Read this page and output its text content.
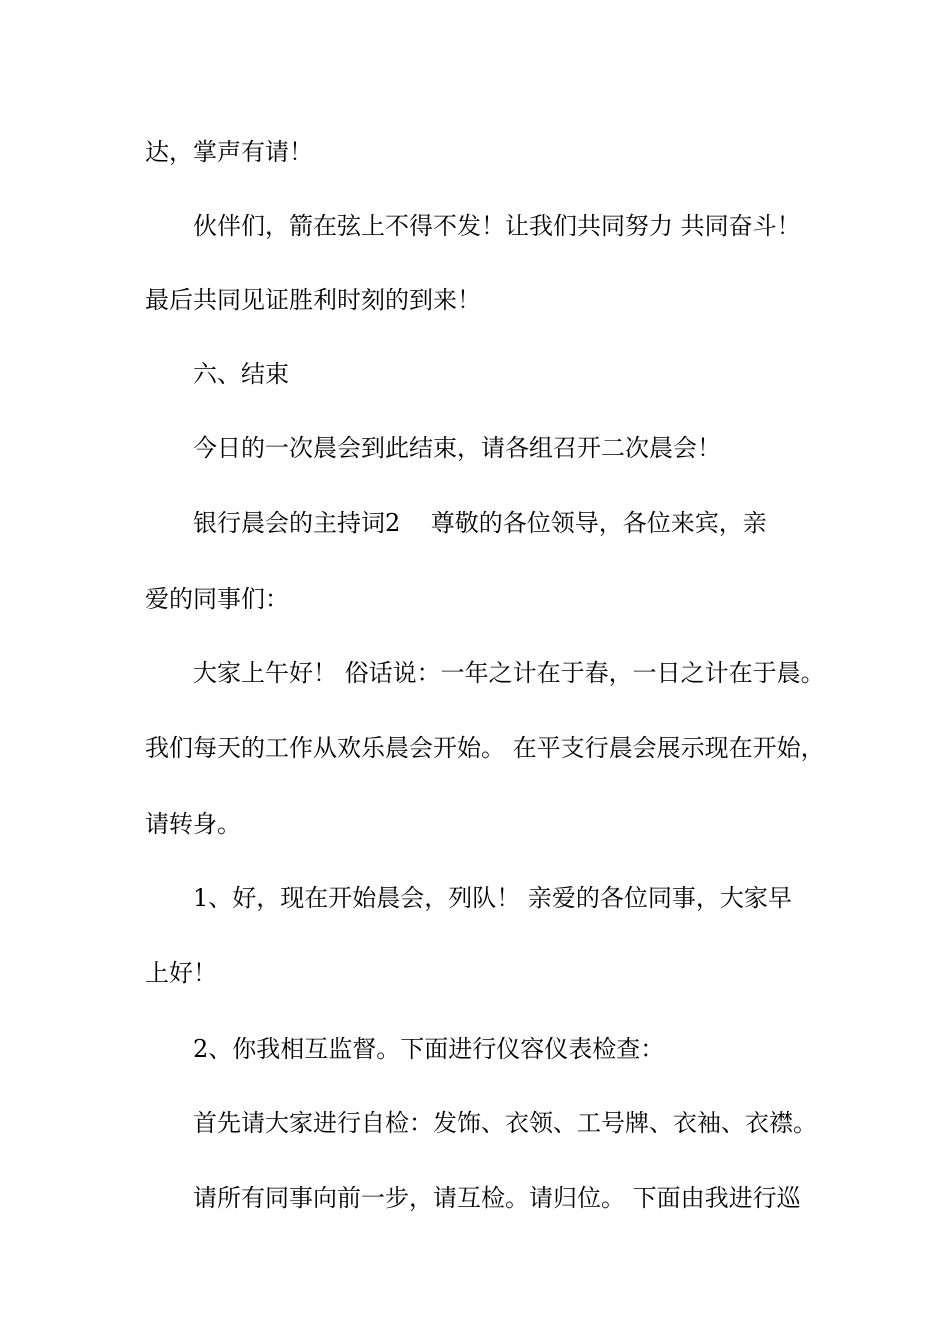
达，掌声有请！
伙伴们，箭在弦上不得不发！让我们共同努力 共同奋斗！
最后共同见证胜利时刻的到来！
六、结束
今日的一次晨会到此结束，请各组召开二次晨会！
银行晨会的主持词2    尊敬的各位领导，各位来宾，亲
爱的同事们：
大家上午好！ 俗话说：一年之计在于春，一日之计在于晨。
我们每天的工作从欢乐晨会开始。 在平支行晨会展示现在开始，
请转身。
1、好，现在开始晨会，列队！ 亲爱的各位同事，大家早
上好！
2、你我相互监督。下面进行仪容仪表检查：
首先请大家进行自检：发饰、衣领、工号牌、衣袖、衣襟。
请所有同事向前一步，请互检。请归位。 下面由我进行巡
